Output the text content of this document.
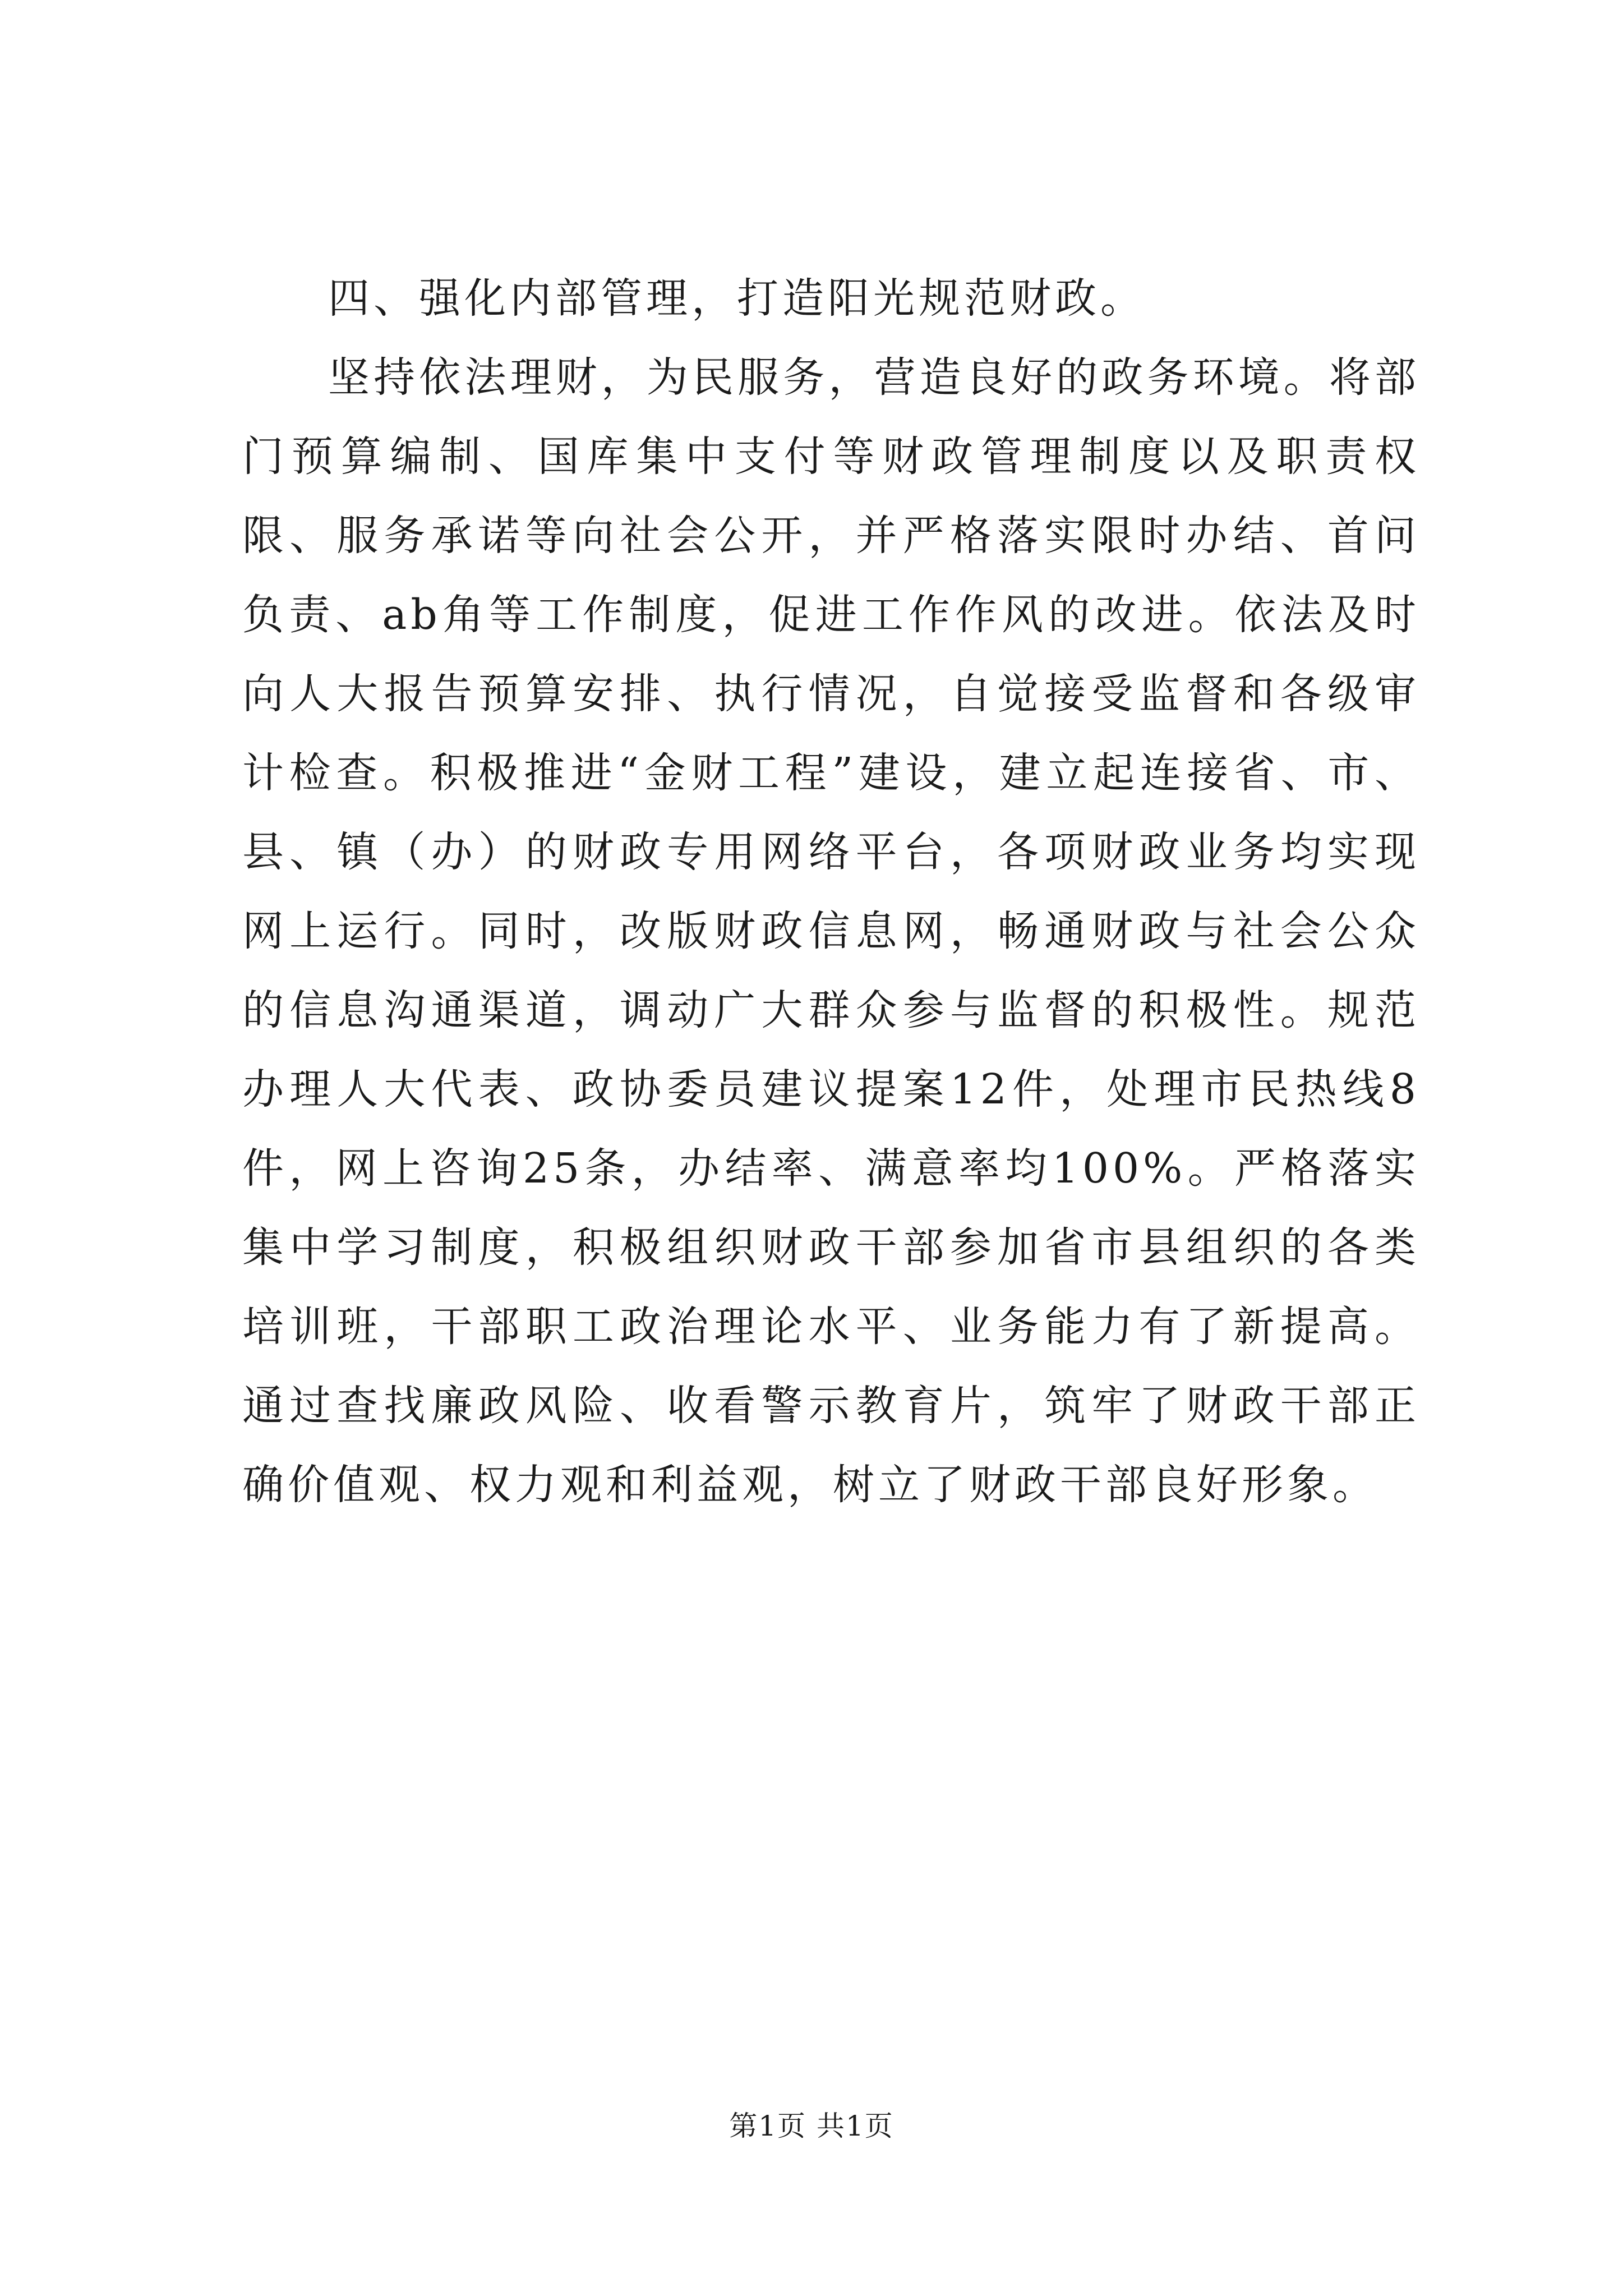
四、强化内部管理，打造阳光规范财政。

坚持依法理财，为民服务，营造良好的政务环境。将部门预算编制、国库集中支付等财政管理制度以及职责权限、服务承诺等向社会公开，并严格落实限时办结、首问负责、ab角等工作制度，促进工作作风的改进。依法及时向人大报告预算安排、执行情况，自觉接受监督和各级审计检查。积极推进“金财工程”建设，建立起连接省、市、县、镇（办）的财政专用网络平台，各项财政业务均实现网上运行。同时，改版财政信息网，畅通财政与社会公众的信息沟通渠道，调动广大群众参与监督的积极性。规范办理人大代表、政协委员建议提案12件，处理市民热线8件，网上咨询25条，办结率、满意率均100%。严格落实集中学习制度，积极组织财政干部参加省市县组织的各类培训班，干部职工政治理论水平、业务能力有了新提高。通过查找廉政风险、收看警示教育片，筑牢了财政干部正确价值观、权力观和利益观，树立了财政干部良好形象。

第1页 共1页
